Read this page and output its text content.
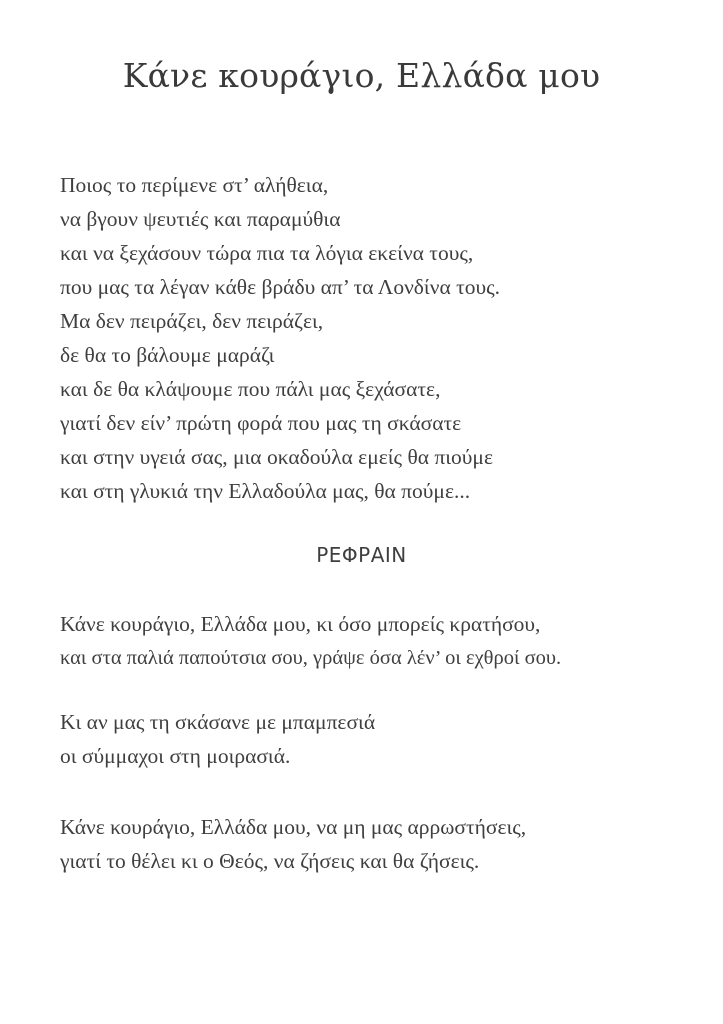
Κάνε κουράγιο, Ελλάδα μου
Ποιος το περίμενε στ’ αλήθεια,
να βγουν ψευτιές και παραμύθια
και να ξεχάσουν τώρα πια τα λόγια εκείνα τους,
που μας τα λέγαν κάθε βράδυ απ’ τα Λονδίνα τους.
Μα δεν πειράζει, δεν πειράζει,
δε θα το βάλουμε μαράζι
και δε θα κλάψουμε που πάλι μας ξεχάσατε,
γιατί δεν είν’ πρώτη φορά που μας τη σκάσατε
και στην υγειά σας, μια οκαδούλα εμείς θα πιούμε
και στη γλυκιά την Ελλαδούλα μας, θα πούμε...
ΡΕΦΡΑΙΝ
Κάνε κουράγιο, Ελλάδα μου, κι όσο μπορείς κρατήσου,
και στα παλιά παπούτσια σου, γράψε όσα λέν’ οι εχθροί σου.
Κι αν μας τη σκάσανε με μπαμπεσιά
οι σύμμαχοι στη μοιρασιά.
Κάνε κουράγιο, Ελλάδα μου, να μη μας αρρωστήσεις,
γιατί το θέλει κι ο Θεός, να ζήσεις και θα ζήσεις.
